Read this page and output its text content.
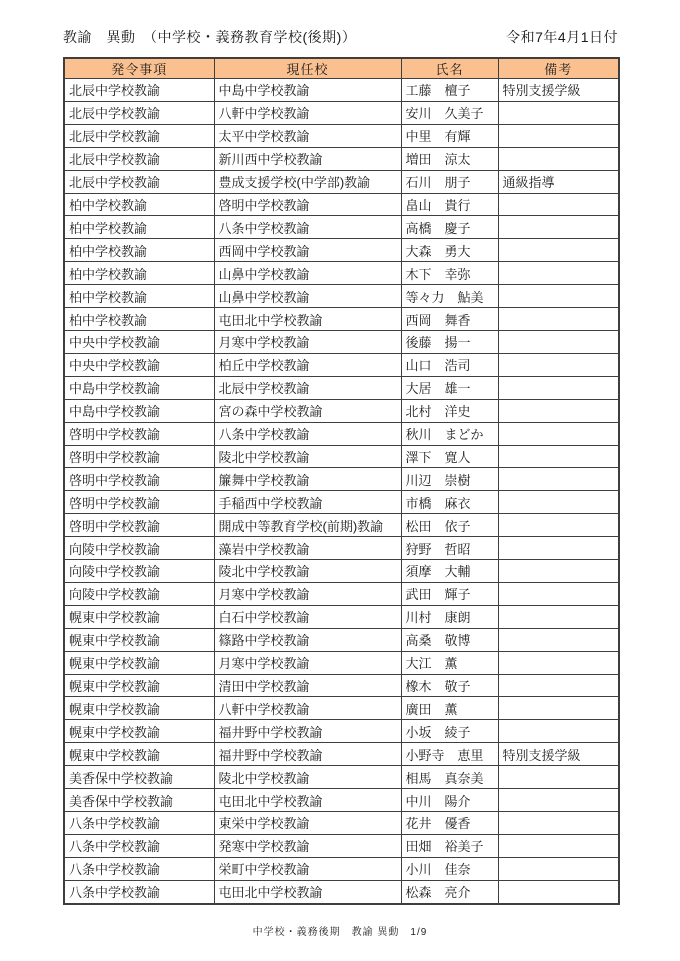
教諭　異動　（中学校・義務教育学校(後期)）	令和7年4月1日付
発令事項	現任校	氏名	備考
北辰中学校教諭	中島中学校教諭	工藤　檀子	特別支援学級
北辰中学校教諭	八軒中学校教諭	安川　久美子	
北辰中学校教諭	太平中学校教諭	中里　有輝	
北辰中学校教諭	新川西中学校教諭	増田　涼太	
北辰中学校教諭	豊成支援学校(中学部)教諭	石川　朋子	通級指導
柏中学校教諭	啓明中学校教諭	畠山　貴行	
柏中学校教諭	八条中学校教諭	高橋　慶子	
柏中学校教諭	西岡中学校教諭	大森　勇大	
柏中学校教諭	山鼻中学校教諭	木下　幸弥	
柏中学校教諭	山鼻中学校教諭	等々力　鮎美	
柏中学校教諭	屯田北中学校教諭	西岡　舞香	
中央中学校教諭	月寒中学校教諭	後藤　揚一	
中央中学校教諭	柏丘中学校教諭	山口　浩司	
中島中学校教諭	北辰中学校教諭	大居　雄一	
中島中学校教諭	宮の森中学校教諭	北村　洋史	
啓明中学校教諭	八条中学校教諭	秋川　まどか	
啓明中学校教諭	陵北中学校教諭	澤下　寛人	
啓明中学校教諭	簾舞中学校教諭	川辺　崇樹	
啓明中学校教諭	手稲西中学校教諭	市橋　麻衣	
啓明中学校教諭	開成中等教育学校(前期)教諭	松田　依子	
向陵中学校教諭	藻岩中学校教諭	狩野　哲昭	
向陵中学校教諭	陵北中学校教諭	須摩　大輔	
向陵中学校教諭	月寒中学校教諭	武田　輝子	
幌東中学校教諭	白石中学校教諭	川村　康朗	
幌東中学校教諭	篠路中学校教諭	高桑　敬博	
幌東中学校教諭	月寒中学校教諭	大江　薫	
幌東中学校教諭	清田中学校教諭	橡木　敬子	
幌東中学校教諭	八軒中学校教諭	廣田　薫	
幌東中学校教諭	福井野中学校教諭	小坂　綾子	
幌東中学校教諭	福井野中学校教諭	小野寺　恵里	特別支援学級
美香保中学校教諭	陵北中学校教諭	相馬　真奈美	
美香保中学校教諭	屯田北中学校教諭	中川　陽介	
八条中学校教諭	東栄中学校教諭	花井　優香	
八条中学校教諭	発寒中学校教諭	田畑　裕美子	
八条中学校教諭	栄町中学校教諭	小川　佳奈	
八条中学校教諭	屯田北中学校教諭	松森　亮介	
中学校・義務後期　教諭 異動　1/9
